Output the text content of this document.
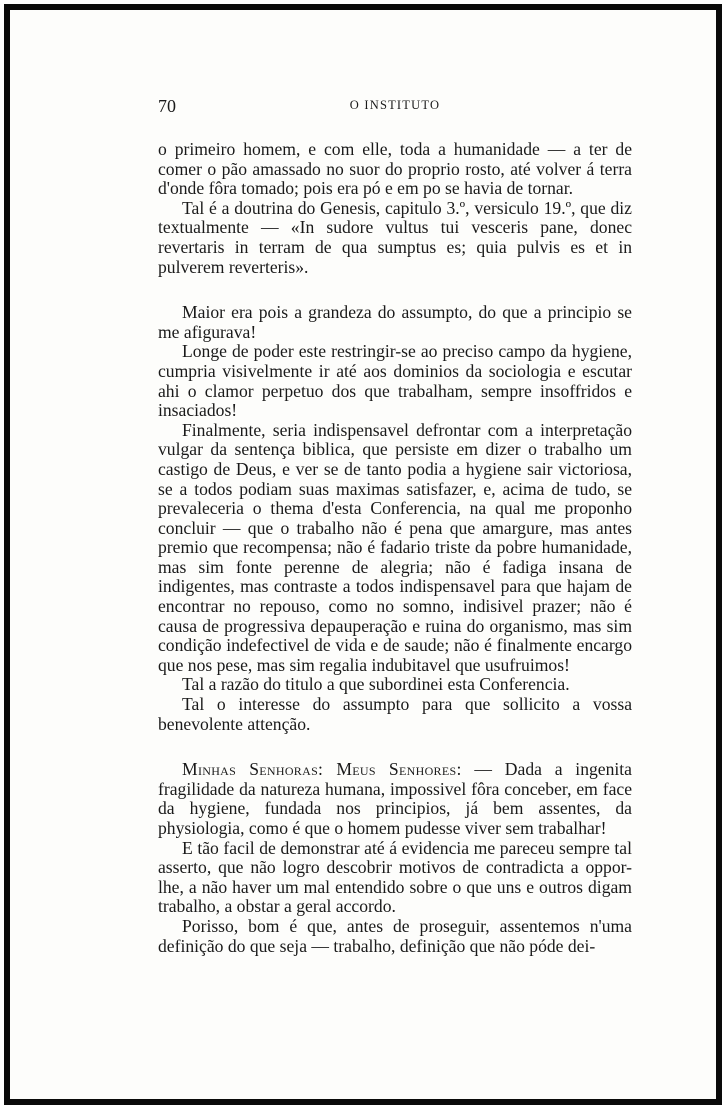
70	O INSTITUTO

o primeiro homem, e com elle, toda a humanidade — a ter de comer o pão amassado no suor do proprio rosto, até volver á terra d'onde fôra tomado; pois era pó e em po se havia de tornar.

Tal é a doutrina do Genesis, capitulo 3.º, versiculo 19.º, que diz textualmente — «In sudore vultus tui vesceris pane, donec revertaris in terram de qua sumptus es; quia pulvis es et in pulverem reverteris».

Maior era pois a grandeza do assumpto, do que a principio se me afigurava!

Longe de poder este restringir-se ao preciso campo da hygiene, cumpria visivelmente ir até aos dominios da sociologia e escutar ahi o clamor perpetuo dos que trabalham, sempre insoffridos e insaciados!

Finalmente, seria indispensavel defrontar com a interpretação vulgar da sentença biblica, que persiste em dizer o trabalho um castigo de Deus, e ver se de tanto podia a hygiene sair victoriosa, se a todos podiam suas maximas satisfazer, e, acima de tudo, se prevaleceria o thema d'esta Conferencia, na qual me proponho concluir — que o trabalho não é pena que amargure, mas antes premio que recompensa; não é fadario triste da pobre humanidade, mas sim fonte perenne de alegria; não é fadiga insana de indigentes, mas contraste a todos indispensavel para que hajam de encontrar no repouso, como no somno, indisivel prazer; não é causa de progressiva depauperação e ruina do organismo, mas sim condição indefectivel de vida e de saude; não é finalmente encargo que nos pese, mas sim regalia indubitavel que usufruimos!

Tal a razão do titulo a que subordinei esta Conferencia.

Tal o interesse do assumpto para que sollicito a vossa benevolente attenção.

Minhas Senhoras: Meus Senhores: — Dada a ingenita fragilidade da natureza humana, impossivel fôra conceber, em face da hygiene, fundada nos principios, já bem assentes, da physiologia, como é que o homem pudesse viver sem trabalhar!

E tão facil de demonstrar até á evidencia me pareceu sempre tal asserto, que não logro descobrir motivos de contradicta a oppor-lhe, a não haver um mal entendido sobre o que uns e outros digam trabalho, a obstar a geral accordo.

Porisso, bom é que, antes de proseguir, assentemos n'uma definição do que seja — trabalho, definição que não póde dei-
